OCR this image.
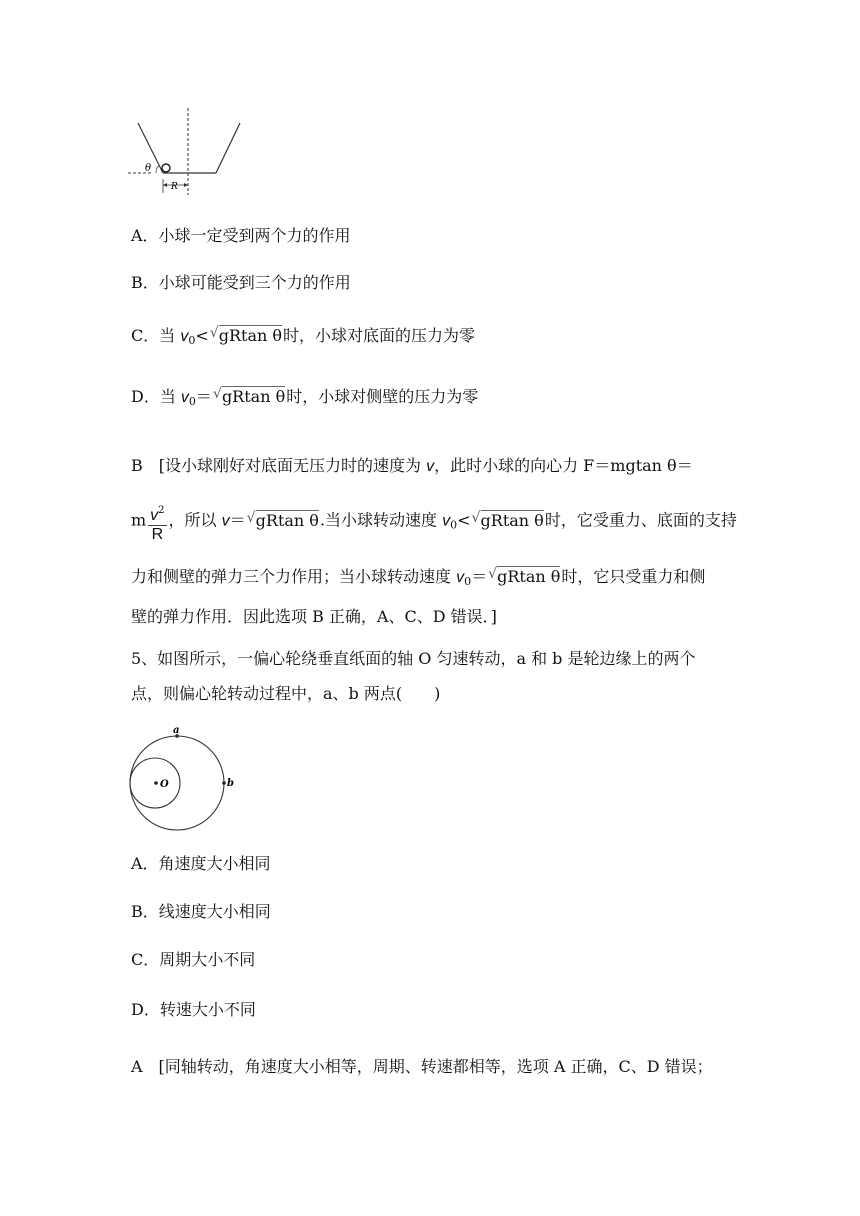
R
θ
A．小球一定受到两个力的作用
B．小球可能受到三个力的作用
C．当 $v_0<$ √ gRtan θ时，小球对底面的压力为零
D．当 $v_0=$ √ gRtan θ时，小球对侧壁的压力为零
B　[设小球刚好对底面无压力时的速度为 v，此时小球的向心力 F＝mgtan θ＝
m $\frac{v^2}{R}$ ，所以 v＝ √ gRtan θ.当小球转动速度 $v_0<$ √ gRtan θ时，它受重力、底面的支持
力和侧壁的弹力三个力作用；当小球转动速度 $v_0=$ √ gRtan θ时，它只受重力和侧
壁的弹力作用．因此选项 B 正确，A、C、D 错误．]
5、如图所示，一偏心轮绕垂直纸面的轴 O 匀速转动，a 和 b 是轮边缘上的两个
点，则偏心轮转动过程中，a、b 两点(　　)
a
b
O
A．角速度大小相同
B．线速度大小相同
C．周期大小不同
D．转速大小不同
A　[同轴转动，角速度大小相等，周期、转速都相等，选项 A 正确，C、D 错误；
